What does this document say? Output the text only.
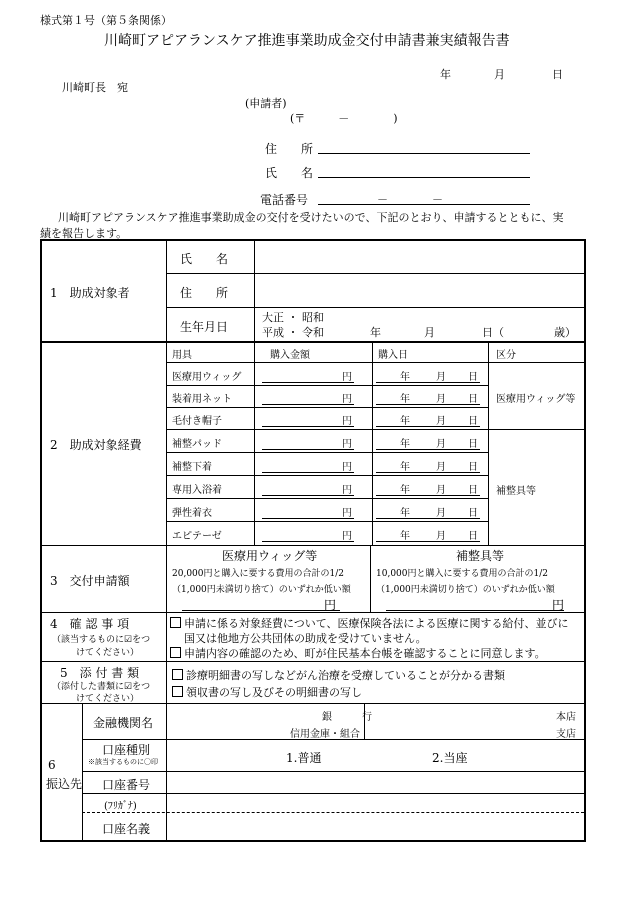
様式第１号（第５条関係）
川崎町アピアランスケア推進事業助成金交付申請書兼実績報告書
年	月	日
川崎町長　宛
(申請者)
(〒　　　－　　　　)
住　　所
氏　　名
電話番号	－	－
川崎町アピアランスケア推進事業助成金の交付を受けたいので、下記のとおり、申請するとともに、実
績を報告します。
1　助成対象者
氏　　名
住　　所
生年月日
大正 ・ 昭和
平成 ・ 令和	年	月	日（	歳）
2　助成対象経費
用具	購入金額	購入日	区分
医療用ウィッグ	円	年	月 日
装着用ネット	円	年	月 日
毛付き帽子	円	年	月 日
補整パッド	円	年	月 日
補整下着	円	年	月 日
専用入浴着	円	年	月 日
弾性着衣	円	年	月 日
エピテーゼ	円	年	月 日
医療用ウィッグ等
補整具等
3　交付申請額
医療用ウィッグ等
20,000円と購入に要する費用の合計の1/2
（1,000円未満切り捨て）のいずれか低い額
円
補整具等
10,000円と購入に要する費用の合計の1/2
（1,000円未満切り捨て）のいずれか低い額
円
4　確 認 事 項
（該当するものに☑をつ
けてください）
申請に係る対象経費について、医療保険各法による医療に関する給付、並びに
国又は他地方公共団体の助成を受けていません。
申請内容の確認のため、町が住民基本台帳を確認することに同意します。
5　添 付 書 類
（添付した書類に☑をつ
けてください）
診療明細書の写しなどがん治療を受療していることが分かる書類
領収書の写し及びその明細書の写し
6
振込先
金融機関名	銀　　　行
信用金庫・組合
本店
支店
口座種別
※該当するものに〇印	1.普通	2.当座
口座番号
(ﾌﾘｶﾞﾅ)
口座名義
